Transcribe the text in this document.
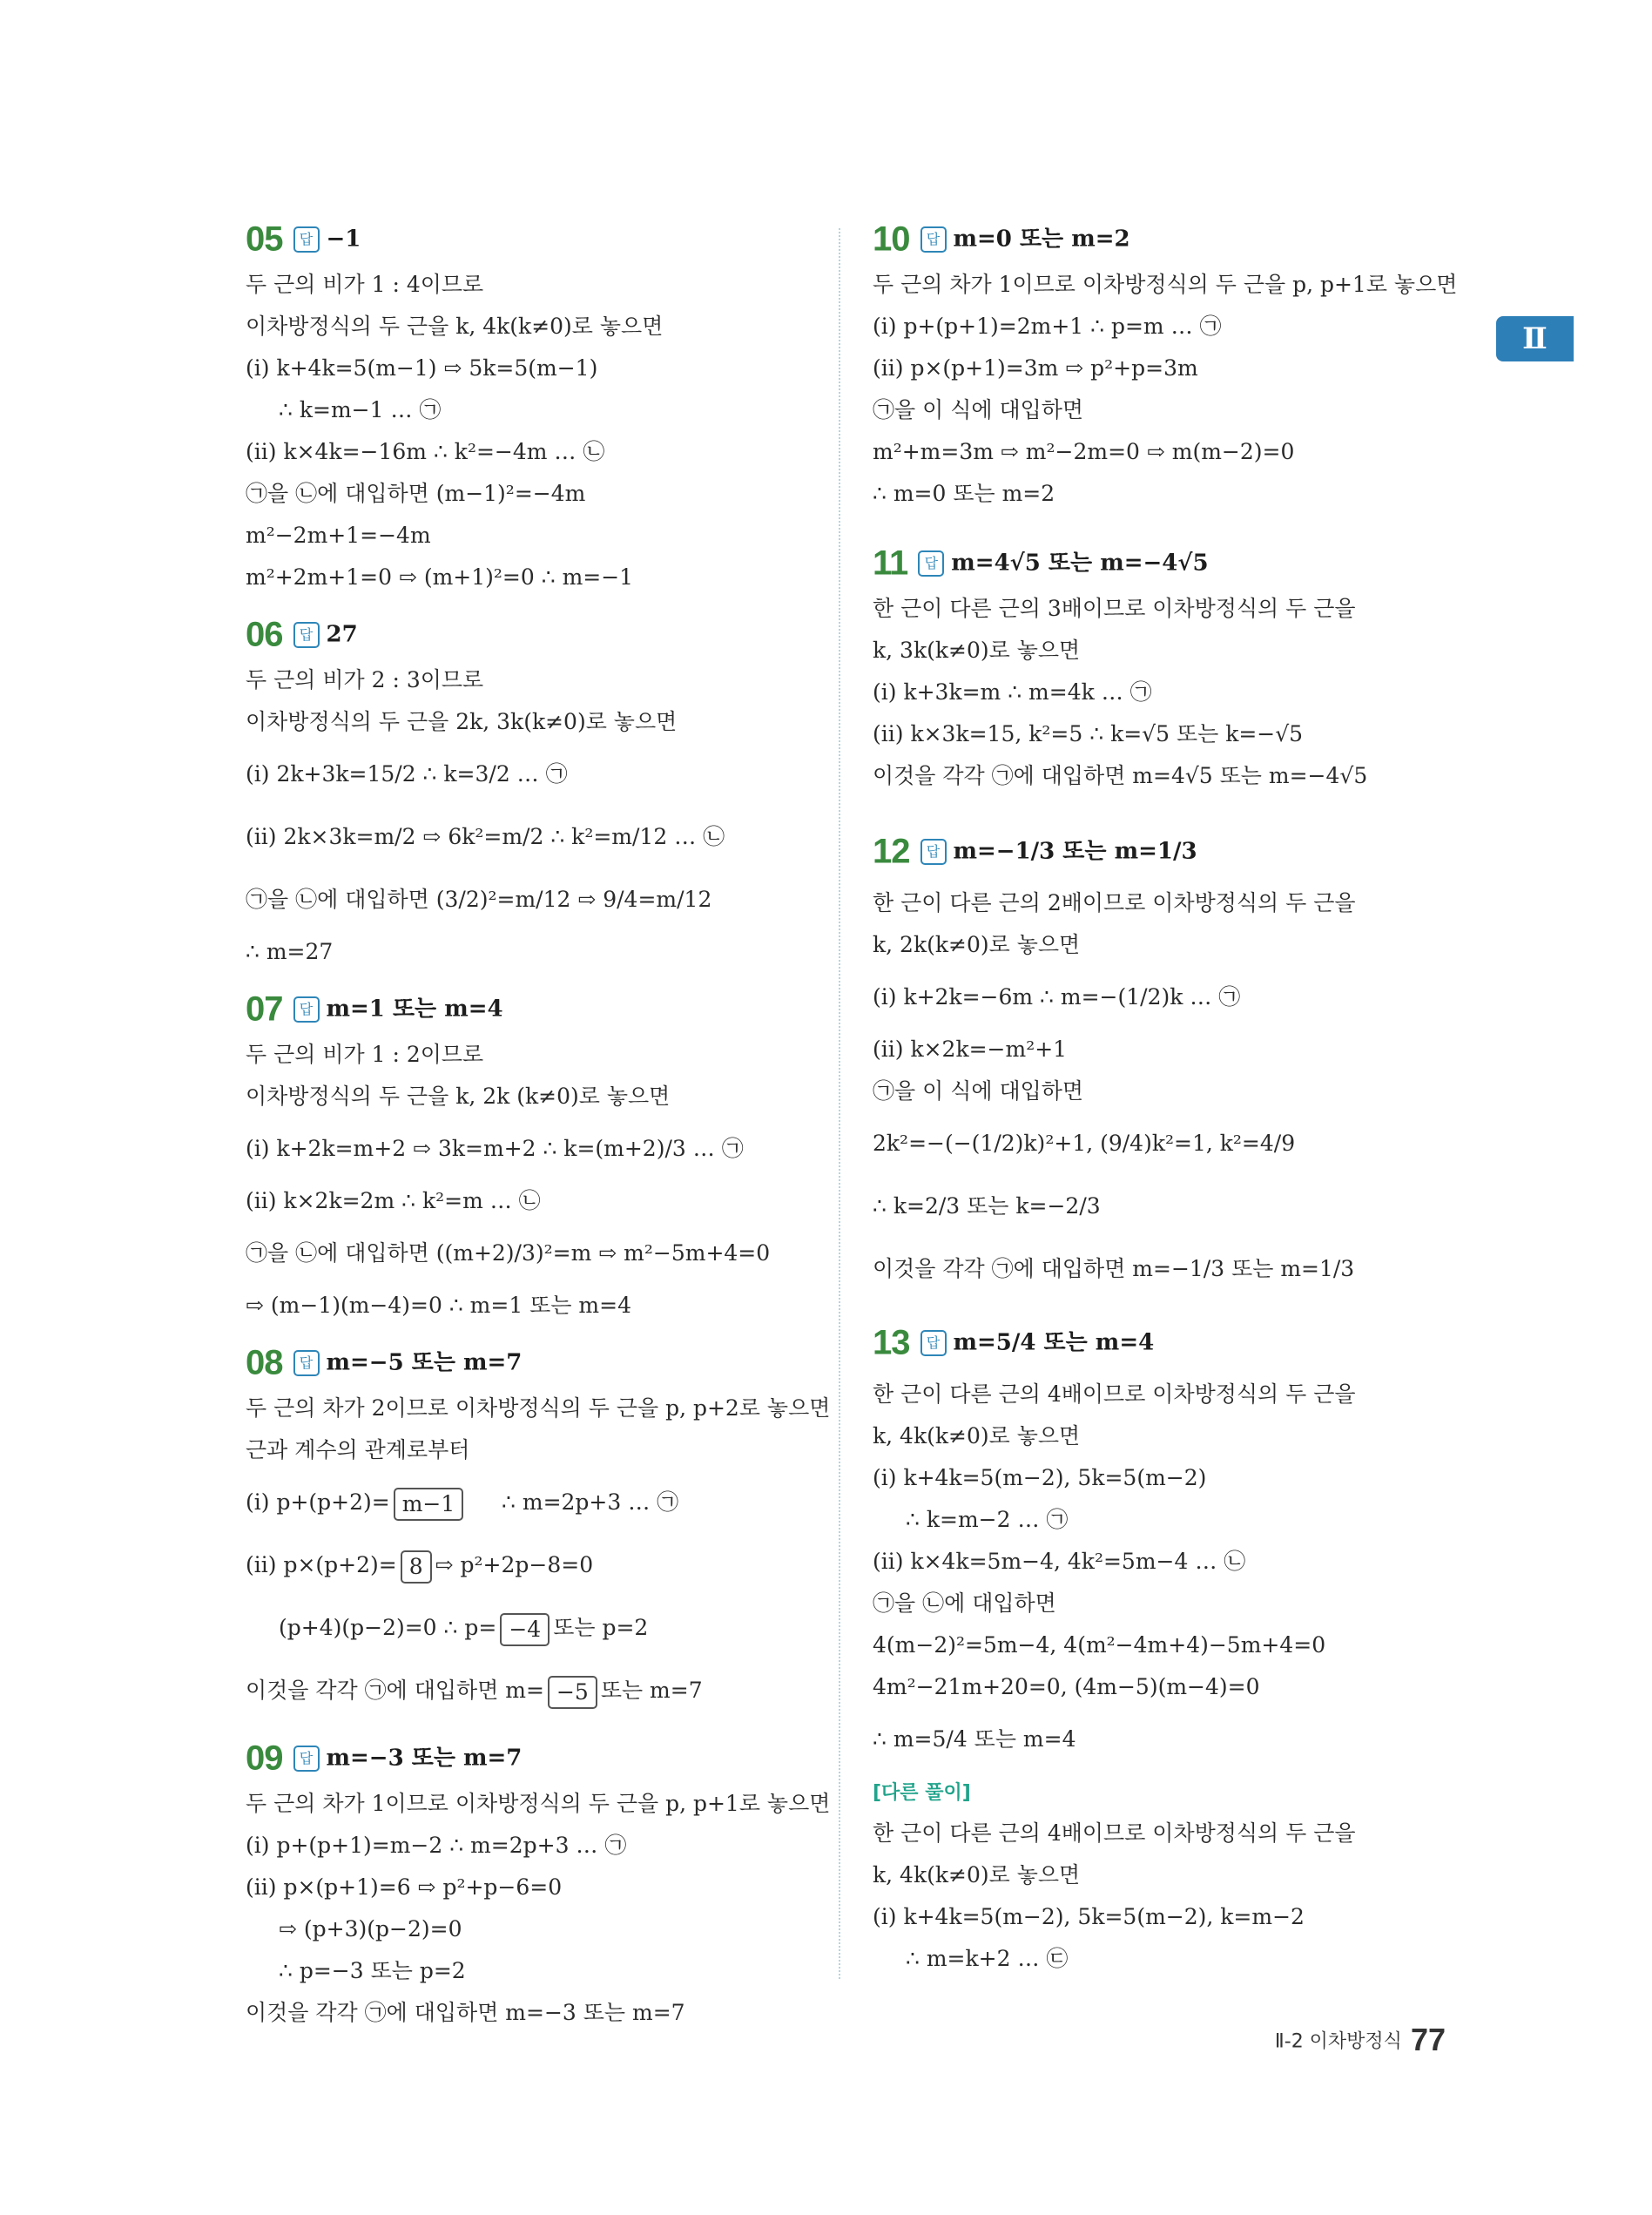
Ⅱ
05 답 −1
두 근의 비가 1 : 4이므로
이차방정식의 두 근을 k, 4k(k≠0)로 놓으면
(ⅰ) k+4k=5(m−1) ⇨ 5k=5(m−1)
∴ k=m−1 … ㉠
(ⅱ) k×4k=−16m ∴ k²=−4m … ㉡
㉠을 ㉡에 대입하면 (m−1)²=−4m
m²−2m+1=−4m
m²+2m+1=0 ⇨ (m+1)²=0 ∴ m=−1
06 답 27
두 근의 비가 2 : 3이므로
이차방정식의 두 근을 2k, 3k(k≠0)로 놓으면
(ⅰ) 2k+3k=15/2 ∴ k=3/2 … ㉠
(ⅱ) 2k×3k=m/2 ⇨ 6k²=m/2 ∴ k²=m/12 … ㉡
㉠을 ㉡에 대입하면 (3/2)²=m/12 ⇨ 9/4=m/12
∴ m=27
07 답 m=1 또는 m=4
두 근의 비가 1 : 2이므로
이차방정식의 두 근을 k, 2k (k≠0)로 놓으면
(ⅰ) k+2k=m+2 ⇨ 3k=m+2 ∴ k=(m+2)/3 … ㉠
(ⅱ) k×2k=2m ∴ k²=m … ㉡
㉠을 ㉡에 대입하면 ((m+2)/3)²=m ⇨ m²−5m+4=0
⇨ (m−1)(m−4)=0 ∴ m=1 또는 m=4
08 답 m=−5 또는 m=7
두 근의 차가 2이므로 이차방정식의 두 근을 p, p+2로 놓으면
근과 계수의 관계로부터
(ⅰ) p+(p+2)= m−1 ∴ m=2p+3 … ㉠
(ⅱ) p×(p+2)= 8 ⇨ p²+2p−8=0
(p+4)(p−2)=0 ∴ p= −4 또는 p=2
이것을 각각 ㉠에 대입하면 m= −5 또는 m=7
09 답 m=−3 또는 m=7
두 근의 차가 1이므로 이차방정식의 두 근을 p, p+1로 놓으면
(ⅰ) p+(p+1)=m−2 ∴ m=2p+3 … ㉠
(ⅱ) p×(p+1)=6 ⇨ p²+p−6=0
⇨ (p+3)(p−2)=0
∴ p=−3 또는 p=2
이것을 각각 ㉠에 대입하면 m=−3 또는 m=7
10 답 m=0 또는 m=2
두 근의 차가 1이므로 이차방정식의 두 근을 p, p+1로 놓으면
(ⅰ) p+(p+1)=2m+1 ∴ p=m … ㉠
(ⅱ) p×(p+1)=3m ⇨ p²+p=3m
㉠을 이 식에 대입하면
m²+m=3m ⇨ m²−2m=0 ⇨ m(m−2)=0
∴ m=0 또는 m=2
11 답 m=4√5 또는 m=−4√5
한 근이 다른 근의 3배이므로 이차방정식의 두 근을
k, 3k(k≠0)로 놓으면
(ⅰ) k+3k=m ∴ m=4k … ㉠
(ⅱ) k×3k=15, k²=5 ∴ k=√5 또는 k=−√5
이것을 각각 ㉠에 대입하면 m=4√5 또는 m=−4√5
12 답 m=−1/3 또는 m=1/3
한 근이 다른 근의 2배이므로 이차방정식의 두 근을
k, 2k(k≠0)로 놓으면
(ⅰ) k+2k=−6m ∴ m=−(1/2)k … ㉠
(ⅱ) k×2k=−m²+1
㉠을 이 식에 대입하면
2k²=−(−(1/2)k)²+1, (9/4)k²=1, k²=4/9
∴ k=2/3 또는 k=−2/3
이것을 각각 ㉠에 대입하면 m=−1/3 또는 m=1/3
13 답 m=5/4 또는 m=4
한 근이 다른 근의 4배이므로 이차방정식의 두 근을
k, 4k(k≠0)로 놓으면
(ⅰ) k+4k=5(m−2), 5k=5(m−2)
∴ k=m−2 … ㉠
(ⅱ) k×4k=5m−4, 4k²=5m−4 … ㉡
㉠을 ㉡에 대입하면
4(m−2)²=5m−4, 4(m²−4m+4)−5m+4=0
4m²−21m+20=0, (4m−5)(m−4)=0
∴ m=5/4 또는 m=4
[다른 풀이]
한 근이 다른 근의 4배이므로 이차방정식의 두 근을
k, 4k(k≠0)로 놓으면
(ⅰ) k+4k=5(m−2), 5k=5(m−2), k=m−2
∴ m=k+2 … ㉢
Ⅱ-2 이차방정식 77
